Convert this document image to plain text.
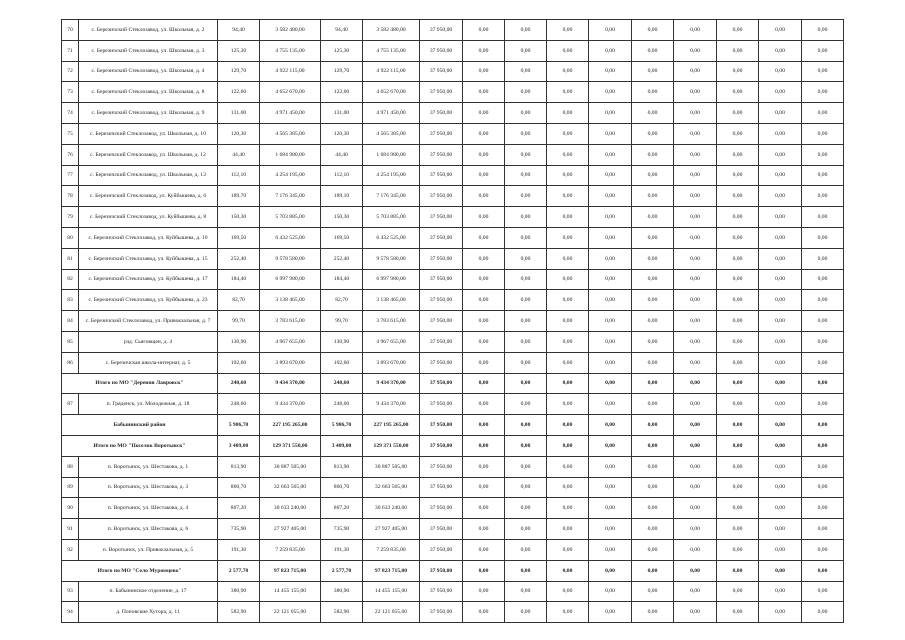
70	с. Березичский Стеклозавод, ул. Школьная, д. 2	94,40	3 582 480,00	94,40	3 582 480,00	37 950,00	0,00	0,00	0,00	0,00	0,00	0,00	0,00	0,00	0,00
71	с. Березичский Стеклозавод, ул. Школьная, д. 3	125,30	4 755 135,00	125,30	4 755 135,00	37 950,00	0,00	0,00	0,00	0,00	0,00	0,00	0,00	0,00	0,00
72	с. Березичский Стеклозавод, ул. Школьная, д. 4	129,70	4 922 115,00	129,70	4 922 115,00	37 950,00	0,00	0,00	0,00	0,00	0,00	0,00	0,00	0,00	0,00
73	с. Березичский Стеклозавод, ул. Школьная, д. 8	122,60	4 652 670,00	122,60	4 652 670,00	37 950,00	0,00	0,00	0,00	0,00	0,00	0,00	0,00	0,00	0,00
74	с. Березичский Стеклозавод, ул. Школьная, д. 9	131,00	4 971 450,00	131,00	4 971 450,00	37 950,00	0,00	0,00	0,00	0,00	0,00	0,00	0,00	0,00	0,00
75	с. Березичский Стеклозавод, ул. Школьная, д. 10	120,30	4 565 385,00	120,30	4 565 385,00	37 950,00	0,00	0,00	0,00	0,00	0,00	0,00	0,00	0,00	0,00
76	с. Березичский Стеклозавод, ул. Школьная, д. 12	44,40	1 684 980,00	44,40	1 684 980,00	37 950,00	0,00	0,00	0,00	0,00	0,00	0,00	0,00	0,00	0,00
77	с. Березичский Стеклозавод, ул. Школьная, д. 13	112,10	4 254 195,00	112,10	4 254 195,00	37 950,00	0,00	0,00	0,00	0,00	0,00	0,00	0,00	0,00	0,00
78	с. Березичский Стеклозавод, ул. Куйбышева, д. 6	189,70	7 176 345,00	189,10	7 176 345,00	37 950,00	0,00	0,00	0,00	0,00	0,00	0,00	0,00	0,00	0,00
79	с. Березичский Стеклозавод, ул. Куйбышева, д. 8	150,30	5 703 885,00	150,30	5 703 885,00	37 950,00	0,00	0,00	0,00	0,00	0,00	0,00	0,00	0,00	0,00
80	с. Березичский Стеклозавод, ул. Куйбышева, д. 10	169,50	6 432 525,00	169,50	6 432 525,00	37 950,00	0,00	0,00	0,00	0,00	0,00	0,00	0,00	0,00	0,00
81	с. Березичский Стеклозавод, ул. Куйбышева, д. 15	252,40	9 578 580,00	252,40	9 578 580,00	37 950,00	0,00	0,00	0,00	0,00	0,00	0,00	0,00	0,00	0,00
82	с. Березичский Стеклозавод, ул. Куйбышева, д. 17	184,40	6 997 980,00	184,40	6 997 980,00	37 950,00	0,00	0,00	0,00	0,00	0,00	0,00	0,00	0,00	0,00
83	с. Березичский Стеклозавод, ул. Куйбышева, д. 23	82,70	3 138 465,00	82,70	3 138 465,00	37 950,00	0,00	0,00	0,00	0,00	0,00	0,00	0,00	0,00	0,00
84	с. Березичский Стеклозавод, ул. Привокзальная, д. 7	99,70	3 783 615,00	99,70	3 783 615,00	37 950,00	0,00	0,00	0,00	0,00	0,00	0,00	0,00	0,00	0,00
85	рзд. Сьяговщен, д. 4	130,90	4 967 655,00	130,90	4 967 655,00	37 950,00	0,00	0,00	0,00	0,00	0,00	0,00	0,00	0,00	0,00
86	с. Березичская школа-интернат, д. 5	102,60	3 893 670,00	102,60	3 893 670,00	37 950,00	0,00	0,00	0,00	0,00	0,00	0,00	0,00	0,00	0,00
Итого по МО "Деревня Лавровск"		248,60	9 434 370,00	248,60	9 434 370,00	37 950,00	0,00	0,00	0,00	0,00	0,00	0,00	0,00	0,00	0,00
87	п. Гряденск, ул. Молодежная, д. 18	248,60	9 434 370,00	248,60	9 434 370,00	37 950,00	0,00	0,00	0,00	0,00	0,00	0,00	0,00	0,00	0,00
Бабынинский район		5 986,70	227 195 265,00	5 986,70	227 195 265,00	37 950,00	0,00	0,00	0,00	0,00	0,00	0,00	0,00	0,00	0,00
Итого по МО "Поселок Воротынск"		3 409,00	129 371 550,00	3 409,00	129 371 550,00	37 950,00	0,00	0,00	0,00	0,00	0,00	0,00	0,00	0,00	0,00
88	п. Воротынск, ул. Шестакова, д. 1	813,90	30 887 505,00	813,90	30 887 505,00	37 950,00	0,00	0,00	0,00	0,00	0,00	0,00	0,00	0,00	0,00
89	п. Воротынск, ул. Шестакова, д. 3	860,70	32 663 565,00	860,70	32 663 565,00	37 950,00	0,00	0,00	0,00	0,00	0,00	0,00	0,00	0,00	0,00
90	п. Воротынск, ул. Шестакова, д. 4	807,20	30 633 240,00	807,20	30 633 240,00	37 950,00	0,00	0,00	0,00	0,00	0,00	0,00	0,00	0,00	0,00
91	п. Воротынск, ул. Шестакова, д. 6	735,90	27 927 405,00	735,90	27 927 405,00	37 950,00	0,00	0,00	0,00	0,00	0,00	0,00	0,00	0,00	0,00
92	п. Воротынск, ул. Привокзальная, д. 5	191,30	7 259 835,00	191,30	7 259 835,00	37 950,00	0,00	0,00	0,00	0,00	0,00	0,00	0,00	0,00	0,00
Итого по МО "Село Муромцево"		2 577,70	97 823 715,00	2 577,70	97 823 715,00	37 950,00	0,00	0,00	0,00	0,00	0,00	0,00	0,00	0,00	0,00
93	п. Бабынинское отделение, д. 17	380,90	14 455 155,00	380,90	14 455 155,00	37 950,00	0,00	0,00	0,00	0,00	0,00	0,00	0,00	0,00	0,00
94	д. Поповские Хутора, д. 11	582,90	22 121 055,00	582,90	22 121 055,00	37 950,00	0,00	0,00	0,00	0,00	0,00	0,00	0,00	0,00	0,00
